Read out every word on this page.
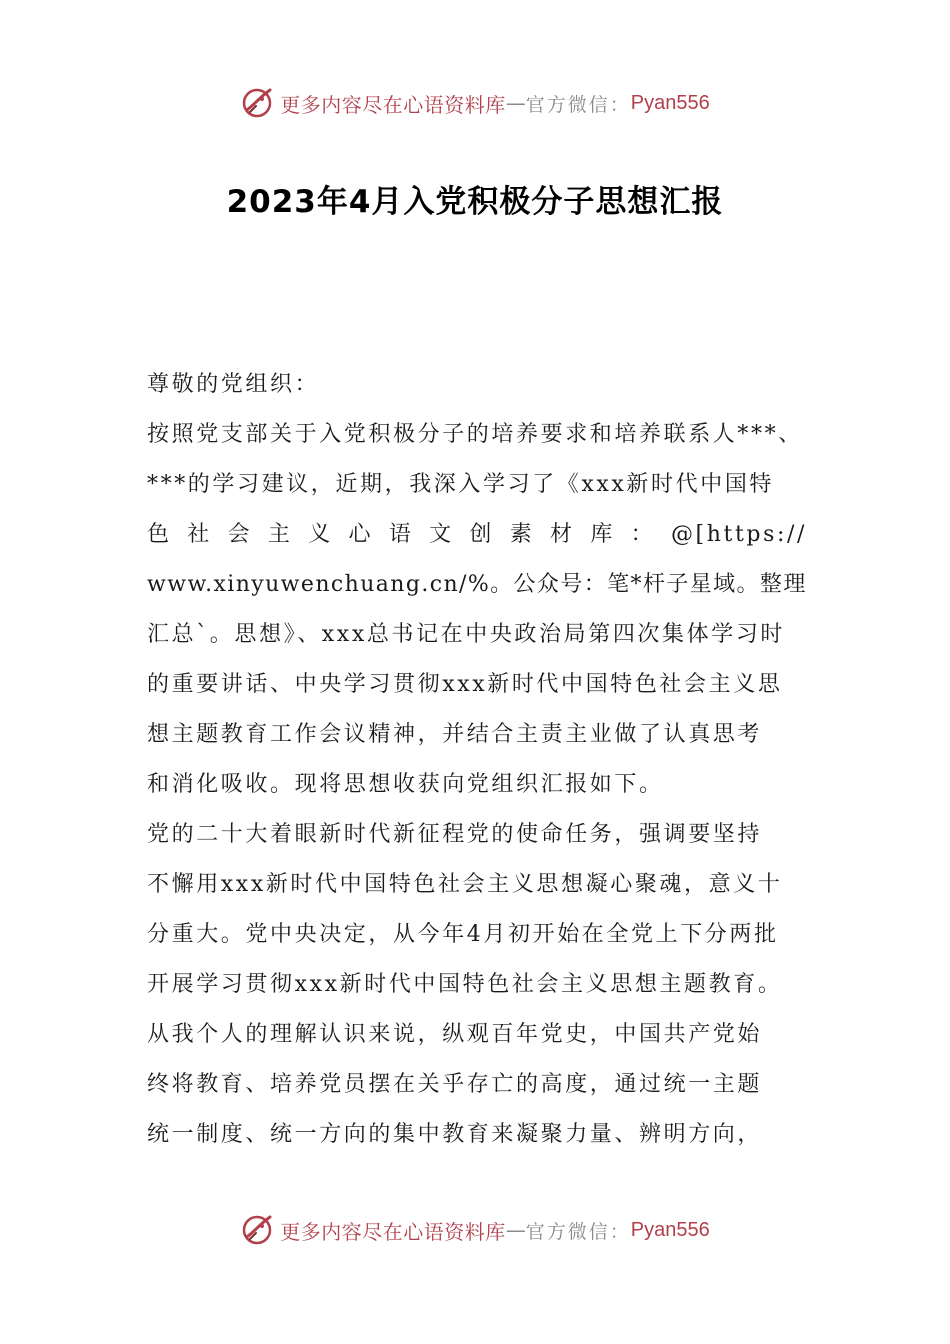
更多内容尽在心语资料库 — 官方微信： Pyan556
2023年4月入党积极分子思想汇报
尊敬的党组织：
按照党支部关于入党积极分子的培养要求和培养联系人***、
***的学习建议，近期，我深入学习了《xxx新时代中国特
色 社 会 主 义 心 语 文 创 素 材 库 ： @[https://
www.xinyuwenchuang.cn/%。公众号：笔*杆子星域。整理
汇总`。思想》、xxx总书记在中央政治局第四次集体学习时
的重要讲话、中央学习贯彻xxx新时代中国特色社会主义思
想主题教育工作会议精神，并结合主责主业做了认真思考
和消化吸收。现将思想收获向党组织汇报如下。
党的二十大着眼新时代新征程党的使命任务，强调要坚持
不懈用xxx新时代中国特色社会主义思想凝心聚魂，意义十
分重大。党中央决定，从今年4月初开始在全党上下分两批
开展学习贯彻xxx新时代中国特色社会主义思想主题教育。
从我个人的理解认识来说，纵观百年党史，中国共产党始
终将教育、培养党员摆在关乎存亡的高度，通过统一主题
统一制度、统一方向的集中教育来凝聚力量、辨明方向，
更多内容尽在心语资料库 — 官方微信： Pyan556
